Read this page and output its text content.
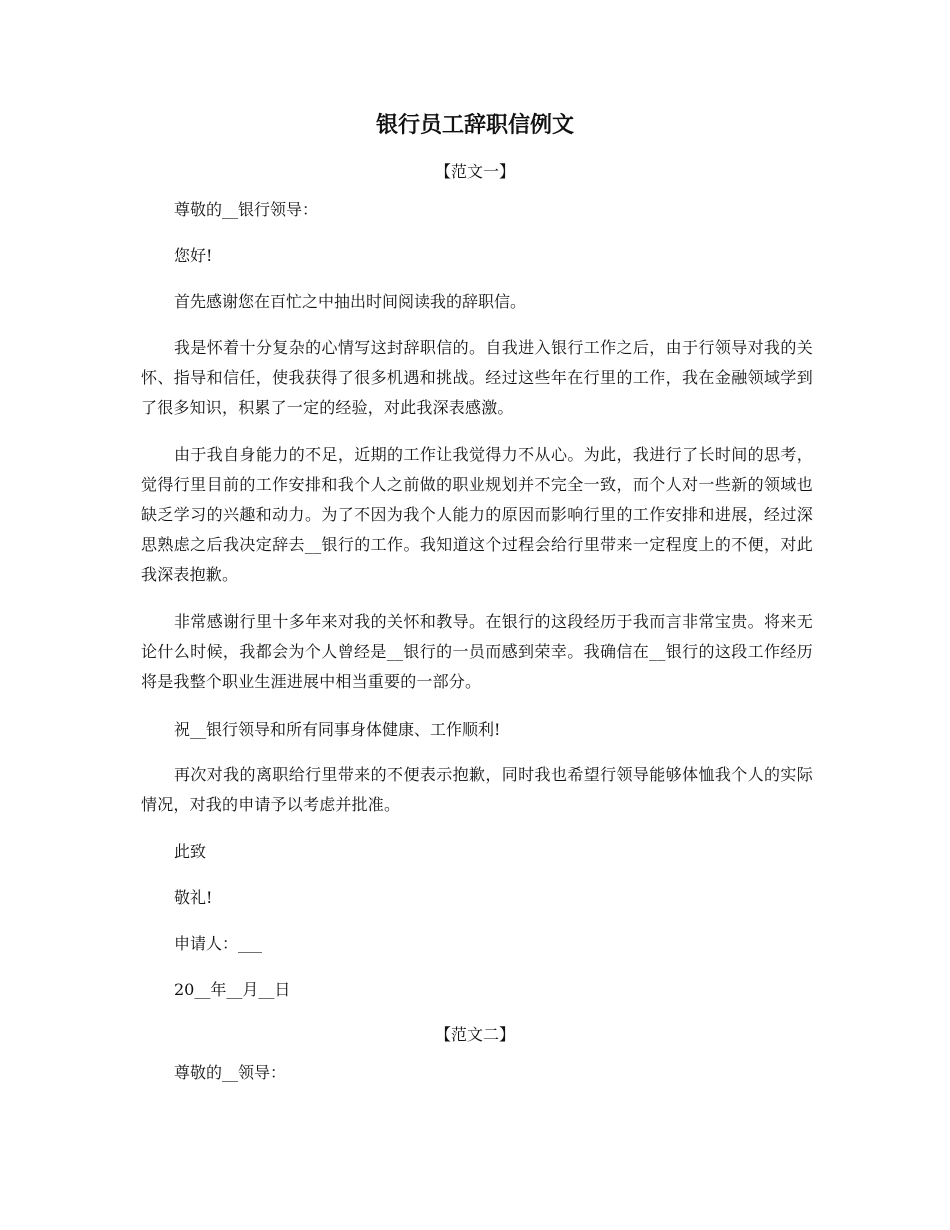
银行员工辞职信例文

【范文一】

尊敬的__银行领导：

您好!

首先感谢您在百忙之中抽出时间阅读我的辞职信。

我是怀着十分复杂的心情写这封辞职信的。自我进入银行工作之后，由于行领导对我的关怀、指导和信任，使我获得了很多机遇和挑战。经过这些年在行里的工作，我在金融领域学到了很多知识，积累了一定的经验，对此我深表感激。

由于我自身能力的不足，近期的工作让我觉得力不从心。为此，我进行了长时间的思考，觉得行里目前的工作安排和我个人之前做的职业规划并不完全一致，而个人对一些新的领域也缺乏学习的兴趣和动力。为了不因为我个人能力的原因而影响行里的工作安排和进展，经过深思熟虑之后我决定辞去__银行的工作。我知道这个过程会给行里带来一定程度上的不便，对此我深表抱歉。

非常感谢行里十多年来对我的关怀和教导。在银行的这段经历于我而言非常宝贵。将来无论什么时候，我都会为个人曾经是__银行的一员而感到荣幸。我确信在__银行的这段工作经历将是我整个职业生涯进展中相当重要的一部分。

祝__银行领导和所有同事身体健康、工作顺利!

再次对我的离职给行里带来的不便表示抱歉，同时我也希望行领导能够体恤我个人的实际情况，对我的申请予以考虑并批准。

此致

敬礼!

申请人：___

20__年__月__日

【范文二】

尊敬的__领导：
